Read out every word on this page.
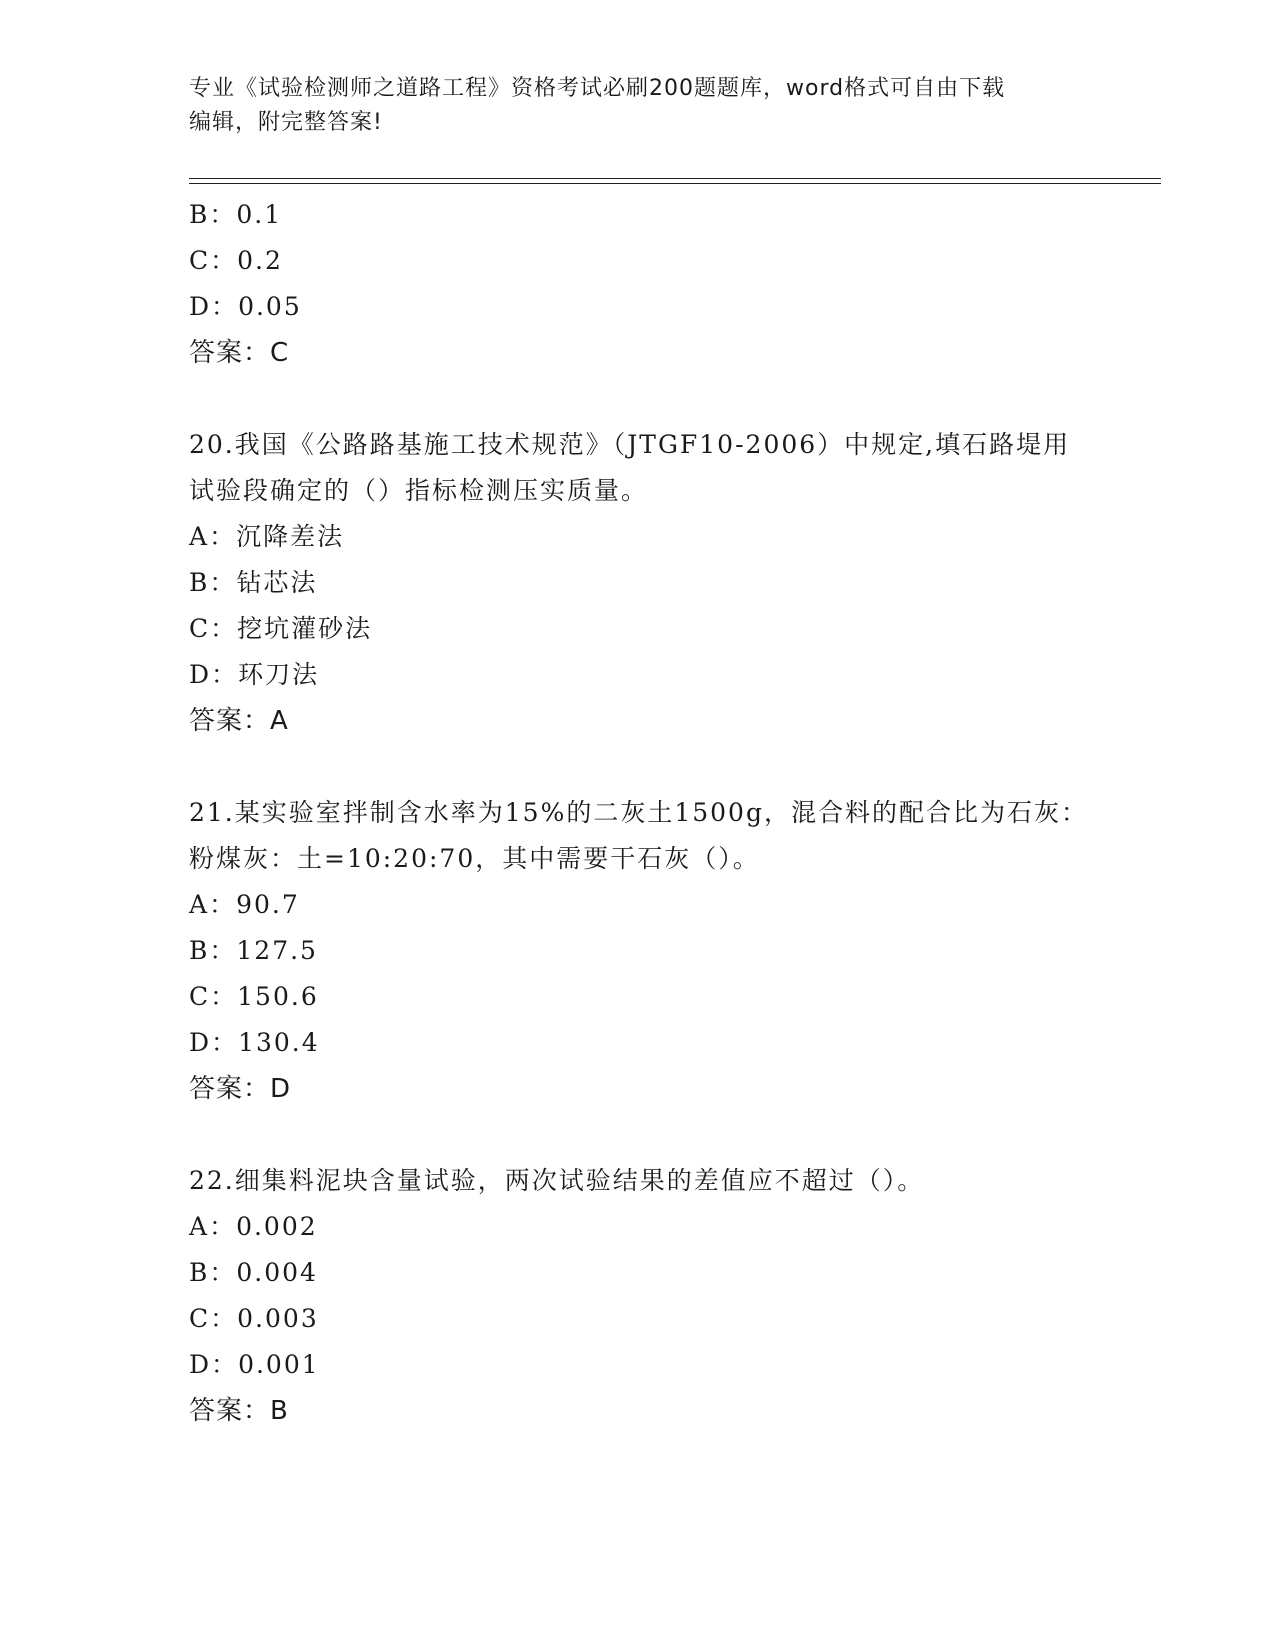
专业《试验检测师之道路工程》资格考试必刷200题题库，word格式可自由下载
编辑，附完整答案!
B：0.1
C：0.2
D：0.05
答案：C
20.我国《公路路基施工技术规范》（JTGF10-2006）中规定,填石路堤用试验段确定的（）指标检测压实质量。
A：沉降差法
B：钻芯法
C：挖坑灌砂法
D：环刀法
答案：A
21.某实验室拌制含水率为15%的二灰土1500g，混合料的配合比为石灰：粉煤灰：土=10:20:70，其中需要干石灰（）。
A：90.7
B：127.5
C：150.6
D：130.4
答案：D
22.细集料泥块含量试验，两次试验结果的差值应不超过（）。
A：0.002
B：0.004
C：0.003
D：0.001
答案：B
